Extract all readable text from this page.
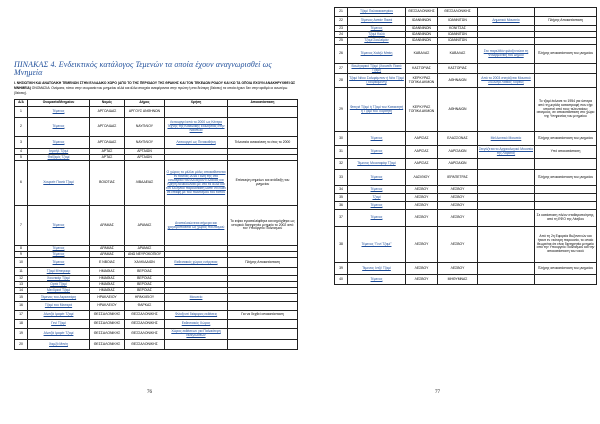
ΠΙΝΑΚΑΣ 4. Ενδεικτικός κατάλογος Τεμενών τα οποία έχουν αναγνωρισθεί ως Μνημεία
Ι. ΝΗΣΙΩΤΙΚΗ ΚΑΙ ΑΝΑΤΟΛΙΚΗ ΤΕΜΕΝΩΝ ΣΤΗΝ ΕΛΛΑΔΙΚΟ ΧΩΡΟ (ΑΠΟ ΤΟ ΤΗΣ ΠΕΡΙΟΔΟΥ ΤΗΣ ΘΡΑΚΗΣ ΚΑΙ ΤΟΝ ΤΕΚΕΔΩΝ ΡΟΔΟΥ ΚΑΙ ΚΩ ΤΑ ΟΠΟΙΑ ΕΧΟΥΝ ΑΝΑΚΗΡΥΧΘΕΙ ΩΣ ΜΝΗΜΕΙΑ) ΟΝΟΜΑΣΙΑ: Ονόματα, τόποι στην ονομασία του μνημείου αλλά και άλλα στοιχεία αναφέρονται στην πρώτη ή στα δεύτερη (δείκτες) τα οποία έχουν δεν στην αριθμό οι ανωτέρω (δείκτες).
Α/Α	Ονομασία/Μνημείου	Νομός	Δήμος	Χρήση	Αποκατάσταση
1	Τέμενος	ΑΡΓΟΛΙΔΑΣ	ΑΡΓΟΥΣ ΑΝΘΗΝΩΝ		
2	Τέμενος	ΑΡΓΟΛΙΔΑΣ	ΝΑΥΠΛΙΟΥ	Λειτουργεί από το 2000 ως Κέντρο Τέχνης της Καθολικής Εκκλησίας στην Ναύπλιο	
3	Τέμενος	ΑΡΓΟΛΙΔΑΣ	ΝΑΥΠΛΙΟΥ	Λειτουργεί ως Πινακοθήκη	Τελευταία ανακαίνιση το έτος το 2000
4	Ισμαήλ Τζαμί	ΑΡΤΑΣ	ΑΡΤΑΙΩΝ		
5	Φαϊζαμίς Τζαμί	ΑΡΤΑΣ	ΑΡΤΑΙΩΝ		
6	Χουρσίτ Πασά Τζαμί	ΒΟΙΩΤΙΑΣ	ΛΙΒΑΔΕΙΑΣ	Ο χώρος το μέλλει μόλις αποκαθίσταται εν τούτοις 2016 Πόλη της στο εσωτερικό του Αλλάζουν Ελλάδας και Κρήτη διευκολυνθεί με στο τα άλλα και τον ελληνικό παρουσίαση ώστε να έλθει σε επαφή με του πολιτισμού του τόπου	Επίσκεψη σημείων και ανάδειξη του μνημείου
7	Τέμενος	ΔΡΑΜΑΣ	ΔΡΑΜΑΣ	Αναπαλαιώνεται σήμερα και χρησιμοποιείται ως χώρος πολιτισμού	Το κτίριο εγκαταλείφθηκε και κηρύχθηκε ως ιστορικό διατηρητέο μνημείο το 2002 από τον Υπουργείο Πολιτισμού
8	Τέμενος	ΔΡΑΜΑΣ	ΔΡΑΜΑΣ		
9	Τέμενος	ΔΡΑΜΑΣ	ΑΝΩ ΝΕΥΡΟΚΟΠΙΟΥ		
10	Τέμενος	Ε ΝΒΟΙΑΣ	ΧΑΛΚΙΔΑΙΩΝ	Εκθεσιακός χώρος ενέργειας	Πλήρης Αποκατάσταση
11	Τζαμί Μπεγκιορ	ΗΜΑΘΙΑΣ	ΒΕΡΟΙΑΣ		
12	Χουνκιάρ Τζαμί	ΗΜΑΘΙΑΣ	ΒΕΡΟΙΑΣ		
13	Ορτά Τζαμί	ΗΜΑΘΙΑΣ	ΒΕΡΟΙΑΣ		
14	Μενδρισέ Τζαμί	ΗΜΑΘΙΑΣ	ΒΕΡΟΙΑΣ		
15	Τέμενος του Ακρισσάρη	ΗΡΑΚΛΕΙΟΥ	ΗΡΑΚΛΕΙΟΥ	Μουσείο	
16	Τζαμί του Μεσαρά	ΗΡΑΚΛΕΙΟΥ	ΦΑΡΚΑΣ		
17	Αλατζά Ιμαρέτ Τζαμί	ΘΕΣΣΑΛΟΝΙΚΗΣ	ΘΕΣΣΑΛΟΝΙΚΗΣ	Φιλοξενεί διάφορες εκθέσεις	Για να δεχθεί αποκατάσταση
18	Γενί Τζαμί	ΘΕΣΣΑΛΟΝΙΚΗΣ	ΘΕΣΣΑΛΟΝΙΚΗΣ	Εκθεσιακός Χώρος	
19	Αλατζά Ιμαρέτ Τζαμί	ΘΕΣΣΑΛΟΝΙΚΗΣ	ΘΕΣΣΑΛΟΝΙΚΗΣ	Χώρος εκθέσεων για Παλαιότερη εκδηλώσεων	
20	Χαμζά Μπέη	ΘΕΣΣΑΛΟΝΙΚΗΣ	ΘΕΣΣΑΛΟΝΙΚΗΣ		
76
21	Τζαμί Παλαιοκαστρίου	ΘΕΣΣΑΛΟΝΙΚΗΣ	ΘΕΣΣΑΛΟΝΙΚΗΣ		
22	Τέμενος Αστάν Πασά	ΙΩΑΝΝΙΝΩΝ	ΙΩΑΝΝΙΤΩΝ	Δημοτικό Μουσείο	Πλήρης Αποκατάσταση
23	Τέμενος	ΙΩΑΝΝΙΝΩΝ	ΚΟΝΙΤΣΑΣ		
24	Τζαμί Καλό	ΙΩΑΝΝΙΝΩΝ	ΙΩΑΝΝΙΤΩΝ		
25	Τζαμί Σουλεϊμάν	ΙΩΑΝΝΙΝΩΝ	ΙΩΑΝΝΙΤΩΝ		
26	Τέμενος Χαλήλ Μπέη	ΚΑΒΑΛΑΣ	ΚΑΒΑΛΑΣ	Στο παρελθόν φιλοξενούσε τη Φιλαρμονική του Δήμου	Πλήρης αποκατάσταση του μνημείου
27	Βουλγαρικό Τζαμί (Χουσεΐν Πασά Τζαμί)	ΚΑΣΤΟΡΙΑΣ	ΚΑΣΤΟΡΙΑΣ		
28	Τζαμί Νέου Σαλιφάμπαν ή Νέα Τζαμί (Τουρκομένη)	ΚΕΡΚΥΡΑΣ ΤΟΠΙΚΑ ΑΚΜΩΝ	ΑΘΗΝΑΙΩΝ	Από το 2003 στεγάζεται Μουσικό Σύλλογο Λαϊκός Χορεύς	
29	Φετιγιέ Τζαμί ή Τζαμί του Κατακτητή ή Τζαμί του Πορθητή	ΚΕΡΚΥΡΑΣ ΤΟΠΙΚΑ ΑΚΜΩΝ	ΑΘΗΝΑΙΩΝ		Το τζαμί έκλεισε το 1954 για ύστερα από τη μεγάλη καταστροφή που είχε υποστεί από τους τελευταίους σεισμούς, σε αποκατάσταση στο χώρο της Υπηρεσίας του μνημείου
30	Τέμενος	ΛΑΡΙΣΑΣ	ΕΛΑΣΣΟΝΑΣ	Μελλοντικό Μουσείο	Πλήρης αποκατάσταση του μνημείου
31	Τέμενος	ΛΑΡΙΣΑΣ	ΛΑΡΙΣΑΙΩΝ	Στεγάζεται το Αρχαιολογικό Μουσείο της Λάρισας	Υπό αποκατάσταση
32	Τέμενος Μουσαφάρ Τζαμί	ΛΑΡΙΣΑΣ	ΛΑΡΙΣΑΙΩΝ		
33	Τέμενος	ΛΑΣΙΘΙΟΥ	ΙΕΡΑΠΕΤΡΑΣ		Πλήρης αποκατάσταση του μνημείου
34	Τέμενος	ΛΕΣΒΟΥ	ΛΕΣΒΟΥ		
35	Τζαμί	ΛΕΣΒΟΥ	ΛΕΣΒΟΥ		
36	Τέμενος	ΛΕΣΒΟΥ	ΛΕΣΒΟΥ		
37	Τέμενος	ΛΕΣΒΟΥ	ΛΕΣΒΟΥ		Σε κατάσταση πλέον σταθεροποίησης, από τη ΕΦΟ της Λέσβου
38	Τέμενος "Γενί Τζαμί"	ΛΕΣΒΟΥ	ΛΕΣΒΟΥ		Από τη 2η Εφορεία Βυζαντινών και ήτανε εν νεότερη παρουσία, το οποίο θεωρείται ότι είναι διατηρητέο μνημείο από την Υπουργείο Πολιτισμού και την αποκατάσταση του ναού
39	Τέμενος Ιντζέ Τζαμί	ΛΕΣΒΟΥ	ΛΕΣΒΟΥ		Πλήρης αποκατάσταση του μνημείου
40	Τέμενος	ΛΕΣΒΟΥ	ΜΗΘΥΜΝΑΣ		
77
